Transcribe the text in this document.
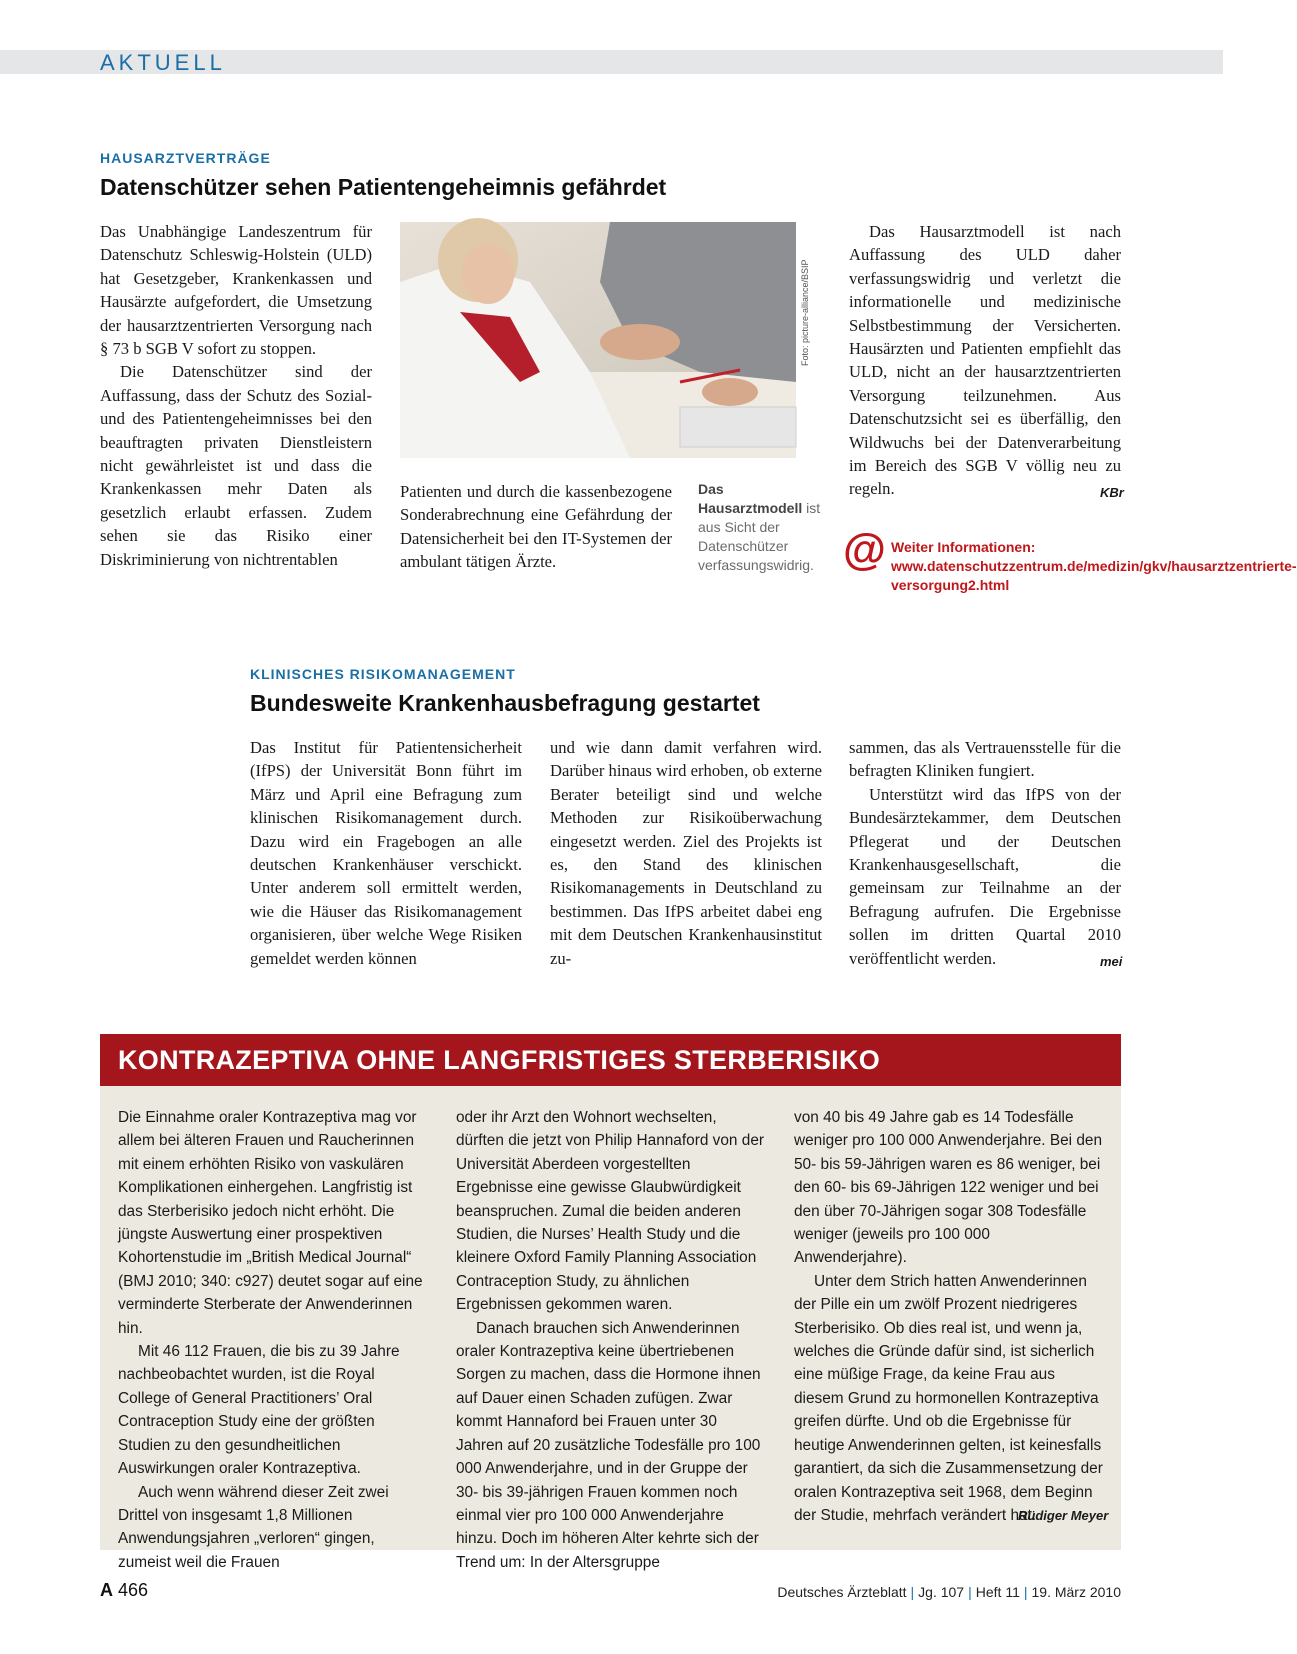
AKTUELL
HAUSARZTVERTRÄGE
Datenschützer sehen Patientengeheimnis gefährdet

Das Unabhängige Landeszentrum für Datenschutz Schleswig-Holstein (ULD) hat Gesetzgeber, Krankenkassen und Hausärzte aufgefordert, die Umsetzung der hausarztzentrierten Versorgung nach § 73 b SGB V sofort zu stoppen.

Die Datenschützer sind der Auffassung, dass der Schutz des Sozial- und des Patientengeheimnisses bei den beauftragten privaten Dienstleistern nicht gewährleistet ist und dass die Krankenkassen mehr Daten als gesetzlich erlaubt erfassen. Zudem sehen sie das Risiko einer Diskriminierung von nichtrentablen

Foto: picture-alliance/BSIP

Patienten und durch die kassenbezogene Sonderabrechnung eine Gefährdung der Datensicherheit bei den IT-Systemen der ambulant tätigen Ärzte.

Das Hausarztmodell ist aus Sicht der Datenschützer verfassungswidrig.

Das Hausarztmodell ist nach Auffassung des ULD daher verfassungswidrig und verletzt die informationelle und medizinische Selbstbestimmung der Versicherten. Hausärzten und Patienten empfiehlt das ULD, nicht an der hausarztzentrierten Versorgung teilzunehmen. Aus Datenschutzsicht sei es überfällig, den Wildwuchs bei der Datenverarbeitung im Bereich des SGB V völlig neu zu regeln.	KBr
@ Weiter Informationen: www.datenschutzzentrum.de/medizin/gkv/hausarztzentrierte-versorgung2.html
KLINISCHES RISIKOMANAGEMENT
Bundesweite Krankenhausbefragung gestartet

Das Institut für Patientensicherheit (IfPS) der Universität Bonn führt im März und April eine Befragung zum klinischen Risikomanagement durch. Dazu wird ein Fragebogen an alle deutschen Krankenhäuser verschickt. Unter anderem soll ermittelt werden, wie die Häuser das Risikomanagement organisieren, über welche Wege Risiken gemeldet werden können

und wie dann damit verfahren wird. Darüber hinaus wird erhoben, ob externe Berater beteiligt sind und welche Methoden zur Risikoüberwachung eingesetzt werden. Ziel des Projekts ist es, den Stand des klinischen Risikomanagements in Deutschland zu bestimmen. Das IfPS arbeitet dabei eng mit dem Deutschen Krankenhausinstitut zu-

sammen, das als Vertrauensstelle für die befragten Kliniken fungiert.

Unterstützt wird das IfPS von der Bundesärztekammer, dem Deutschen Pflegerat und der Deutschen Krankenhausgesellschaft, die gemeinsam zur Teilnahme an der Befragung aufrufen. Die Ergebnisse sollen im dritten Quartal 2010 veröffentlicht werden.	mei
KONTRAZEPTIVA OHNE LANGFRISTIGES STERBERISIKO

Die Einnahme oraler Kontrazeptiva mag vor allem bei älteren Frauen und Raucherinnen mit einem erhöhten Risiko von vaskulären Komplikationen einhergehen. Langfristig ist das Sterberisiko jedoch nicht erhöht. Die jüngste Auswertung einer prospektiven Kohortenstudie im „British Medical Journal“ (BMJ 2010; 340: c927) deutet sogar auf eine verminderte Sterberate der Anwenderinnen hin.

Mit 46 112 Frauen, die bis zu 39 Jahre nachbeobachtet wurden, ist die Royal College of General Practitioners’ Oral Contraception Study eine der größten Studien zu den gesundheitlichen Auswirkungen oraler Kontrazeptiva.

Auch wenn während dieser Zeit zwei Drittel von insgesamt 1,8 Millionen Anwendungsjahren „verloren“ gingen, zumeist weil die Frauen

oder ihr Arzt den Wohnort wechselten, dürften die jetzt von Philip Hannaford von der Universität Aberdeen vorgestellten Ergebnisse eine gewisse Glaubwürdigkeit beanspruchen. Zumal die beiden anderen Studien, die Nurses’ Health Study und die kleinere Oxford Family Planning Association Contraception Study, zu ähnlichen Ergebnissen gekommen waren.

Danach brauchen sich Anwenderinnen oraler Kontrazeptiva keine übertriebenen Sorgen zu machen, dass die Hormone ihnen auf Dauer einen Schaden zufügen. Zwar kommt Hannaford bei Frauen unter 30 Jahren auf 20 zusätzliche Todesfälle pro 100 000 Anwenderjahre, und in der Gruppe der 30- bis 39-jährigen Frauen kommen noch einmal vier pro 100 000 Anwenderjahre hinzu. Doch im höheren Alter kehrte sich der Trend um: In der Altersgruppe

von 40 bis 49 Jahre gab es 14 Todesfälle weniger pro 100 000 Anwenderjahre. Bei den 50- bis 59-Jährigen waren es 86 weniger, bei den 60- bis 69-Jährigen 122 weniger und bei den über 70-Jährigen sogar 308 Todesfälle weniger (jeweils pro 100 000 Anwenderjahre).

Unter dem Strich hatten Anwenderinnen der Pille ein um zwölf Prozent niedrigeres Sterberisiko. Ob dies real ist, und wenn ja, welches die Gründe dafür sind, ist sicherlich eine müßige Frage, da keine Frau aus diesem Grund zu hormonellen Kontrazeptiva greifen dürfte. Und ob die Ergebnisse für heutige Anwenderinnen gelten, ist keinesfalls garantiert, da sich die Zusammensetzung der oralen Kontrazeptiva seit 1968, dem Beginn der Studie, mehrfach verändert hat.

Rüdiger Meyer
A 466	Deutsches Ärzteblatt | Jg. 107 | Heft 11 | 19. März 2010
